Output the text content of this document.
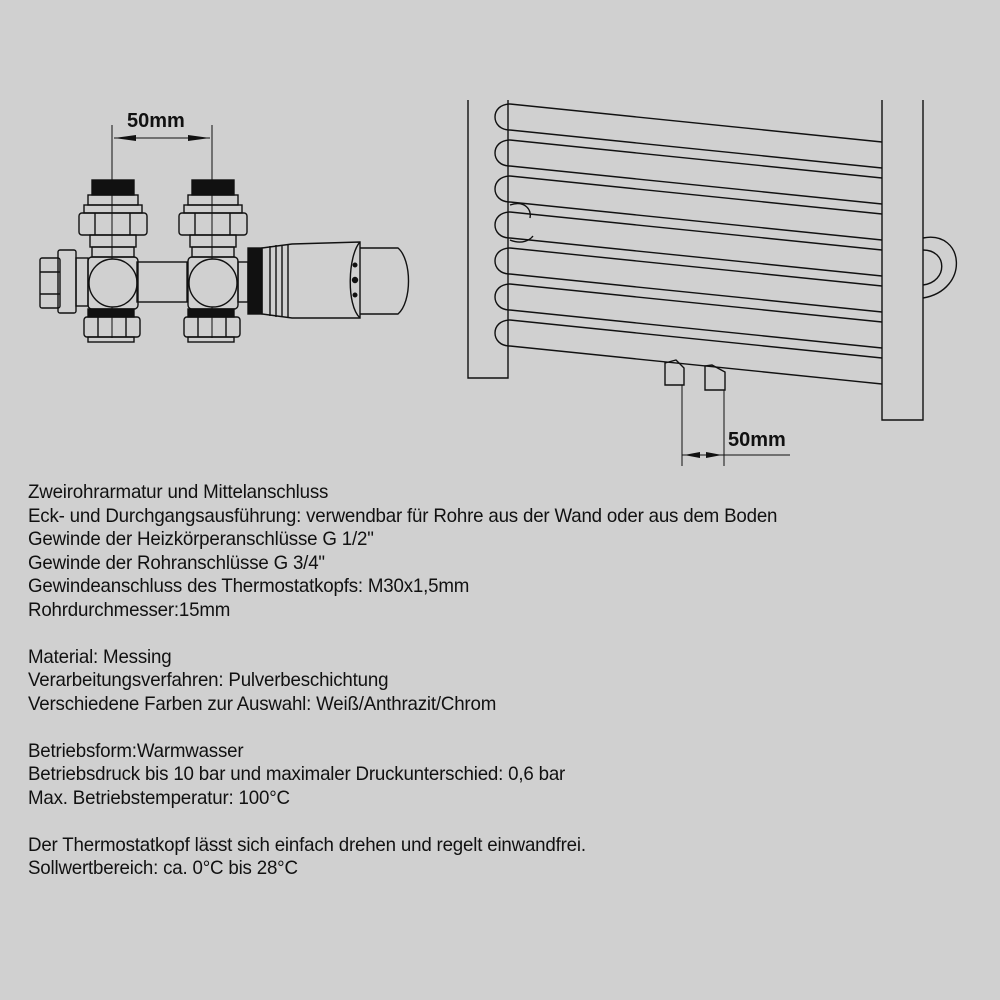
50mm
50mm
Zweirohrarmatur und Mittelanschluss
Eck- und Durchgangsausführung: verwendbar für Rohre aus der Wand oder aus dem Boden
Gewinde der Heizkörperanschlüsse G 1/2"
Gewinde der Rohranschlüsse G 3/4"
Gewindeanschluss des Thermostatkopfs: M30x1,5mm
Rohrdurchmesser:15mm
Material: Messing
Verarbeitungsverfahren: Pulverbeschichtung
Verschiedene Farben zur Auswahl: Weiß/Anthrazit/Chrom
Betriebsform:Warmwasser
Betriebsdruck bis 10 bar und maximaler Druckunterschied: 0,6 bar
Max. Betriebstemperatur: 100°C
Der Thermostatkopf lässt sich einfach drehen und regelt einwandfrei.
Sollwertbereich: ca. 0°C bis 28°C
